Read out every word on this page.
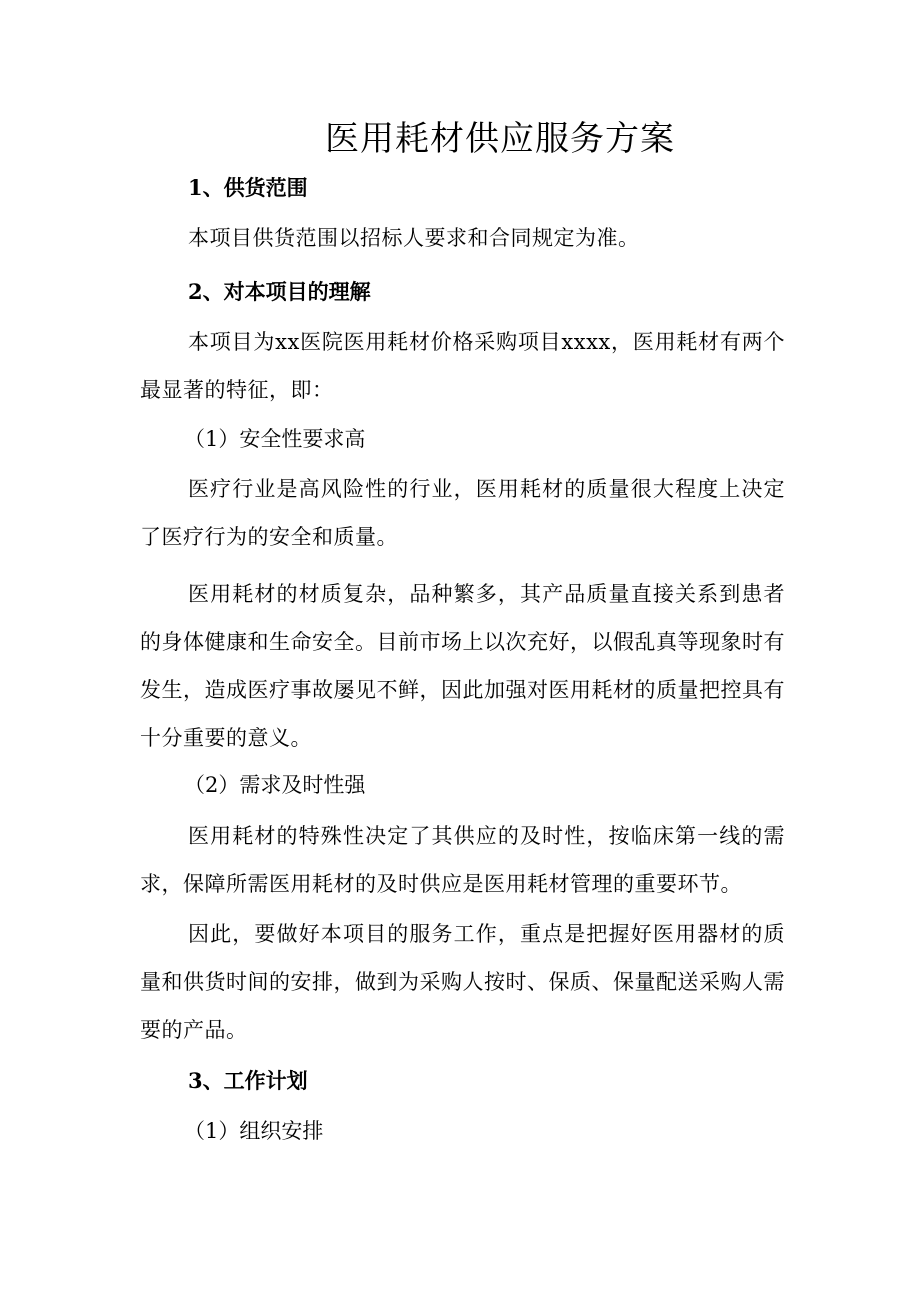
医用耗材供应服务方案
1、供货范围

本项目供货范围以招标人要求和合同规定为准。

2、对本项目的理解

本项目为xx医院医用耗材价格采购项目xxxx，医用耗材有两个最显著的特征，即：

（1）安全性要求高

医疗行业是高风险性的行业，医用耗材的质量很大程度上决定了医疗行为的安全和质量。

医用耗材的材质复杂，品种繁多，其产品质量直接关系到患者的身体健康和生命安全。目前市场上以次充好，以假乱真等现象时有发生，造成医疗事故屡见不鲜，因此加强对医用耗材的质量把控具有十分重要的意义。

（2）需求及时性强

医用耗材的特殊性决定了其供应的及时性，按临床第一线的需求，保障所需医用耗材的及时供应是医用耗材管理的重要环节。

因此，要做好本项目的服务工作，重点是把握好医用器材的质量和供货时间的安排，做到为采购人按时、保质、保量配送采购人需要的产品。

3、工作计划

（1）组织安排
